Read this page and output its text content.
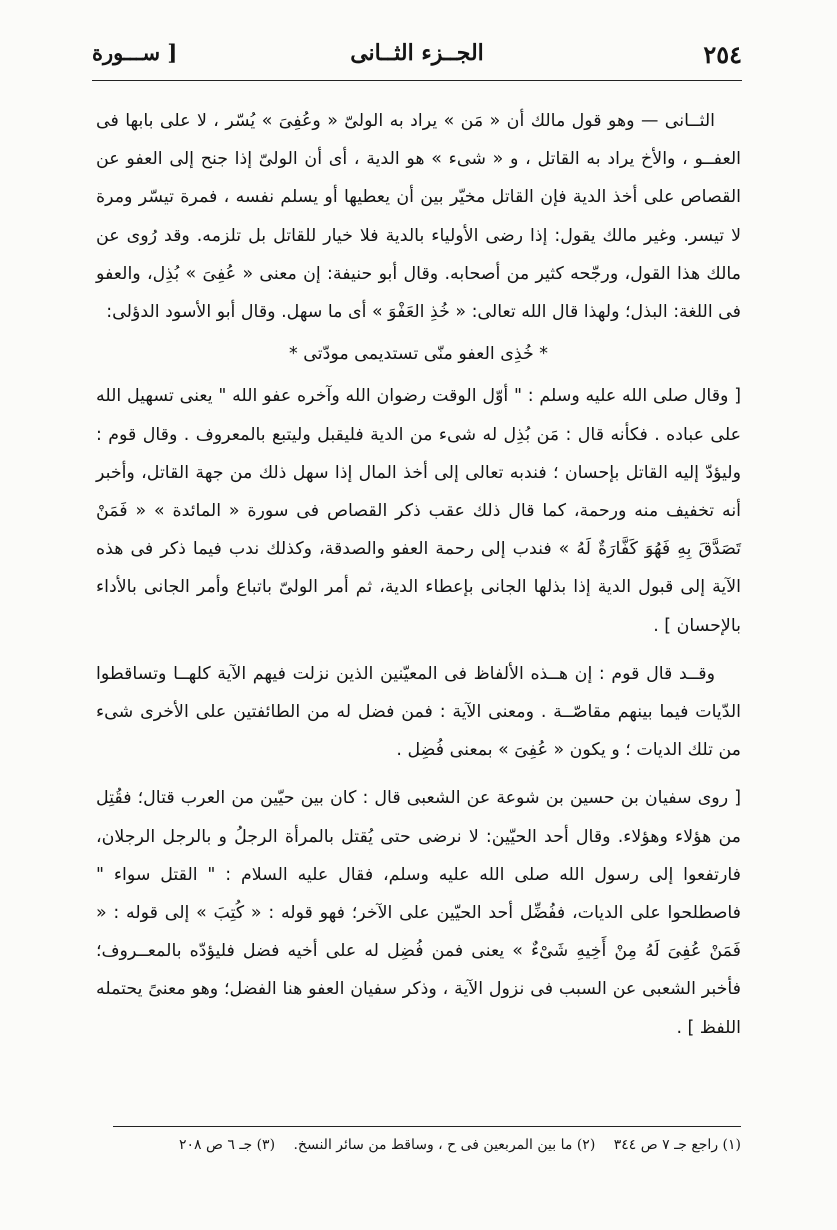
٢٥٤
الجــزء الثــانى
[ ســـورة

الثــانى — وهو قول مالك أن « مَن » يراد به الولىّ « وعُفِىَ » يُسّر ، لا على بابها فى العفــو ، والأخ يراد به القاتل ، و « شىء » هو الدية ، أى أن الولىّ إذا جنح إلى العفو عن القصاص على أخذ الدية فإن القاتل مخيّر بين أن يعطيها أو يسلم نفسه ، فمرة تيسّر ومرة لا تيسر. وغير مالك يقول: إذا رضى الأولياء بالدية فلا خيار للقاتل بل تلزمه. وقد رُوى عن مالك هذا القول، ورجّحه كثير من أصحابه. وقال أبو حنيفة: إن معنى « عُفِىَ » بُذِل، والعفو فى اللغة: البذل؛ ولهذا قال الله تعالى: « خُذِ العَفْوَ » أى ما سهل. وقال أبو الأسود الدؤلى:

* خُذِى العفو منّى تستديمى مودّتى *

[ وقال صلى الله عليه وسلم : " أوّل الوقت رضوان الله وآخره عفو الله " يعنى تسهيل الله على عباده . فكأنه قال : مَن بُذِل له شىء من الدية فليقبل وليتبع بالمعروف . وقال قوم : وليؤدّ إليه القاتل بإحسان ؛ فندبه تعالى إلى أخذ المال إذا سهل ذلك من جهة القاتل، وأخبر أنه تخفيف منه ورحمة، كما قال ذلك عقب ذكر القصاص فى سورة « المائدة » « فَمَنْ تَصَدَّقَ بِهِ فَهُوَ كَفَّارَةٌ لَهُ » فندب إلى رحمة العفو والصدقة، وكذلك ندب فيما ذكر فى هذه الآية إلى قبول الدية إذا بذلها الجانى بإعطاء الدية، ثم أمر الولىّ باتباع وأمر الجانى بالأداء بالإحسان ] .

وقــد قال قوم : إن هــذه الألفاظ فى المعيّنين الذين نزلت فيهم الآية كلهــا وتساقطوا الدّيات فيما بينهم مقاصّــة . ومعنى الآية : فمن فضل له من الطائفتين على الأخرى شىء من تلك الديات ؛ و يكون « عُفِىَ » بمعنى فُضِل .

[ روى سفيان بن حسين بن شوعة عن الشعبى قال : كان بين حيّين من العرب قتال؛ فقُتِل من هؤلاء وهؤلاء. وقال أحد الحيّين: لا نرضى حتى يُقتل بالمرأة الرجلُ و بالرجل الرجلان، فارتفعوا إلى رسول الله صلى الله عليه وسلم، فقال عليه السلام : " القتل سواء " فاصطلحوا على الديات، ففُضِّل أحد الحيّين على الآخر؛ فهو قوله : « كُتِبَ » إلى قوله : « فَمَنْ عُفِىَ لَهُ مِنْ أَخِيهِ شَىْءٌ » يعنى فمن فُضِل له على أخيه فضل فليؤدّه بالمعــروف؛ فأخبر الشعبى عن السبب فى نزول الآية ، وذكر سفيان العفو هنا الفضل؛ وهو معنىً يحتمله اللفظ ] .

(١) راجع جـ ٧ ص ٣٤٤ (٢) ما بين المربعين فى ح ، وساقط من سائر النسخ. (٣) جـ ٦ ص ٢٠٨
